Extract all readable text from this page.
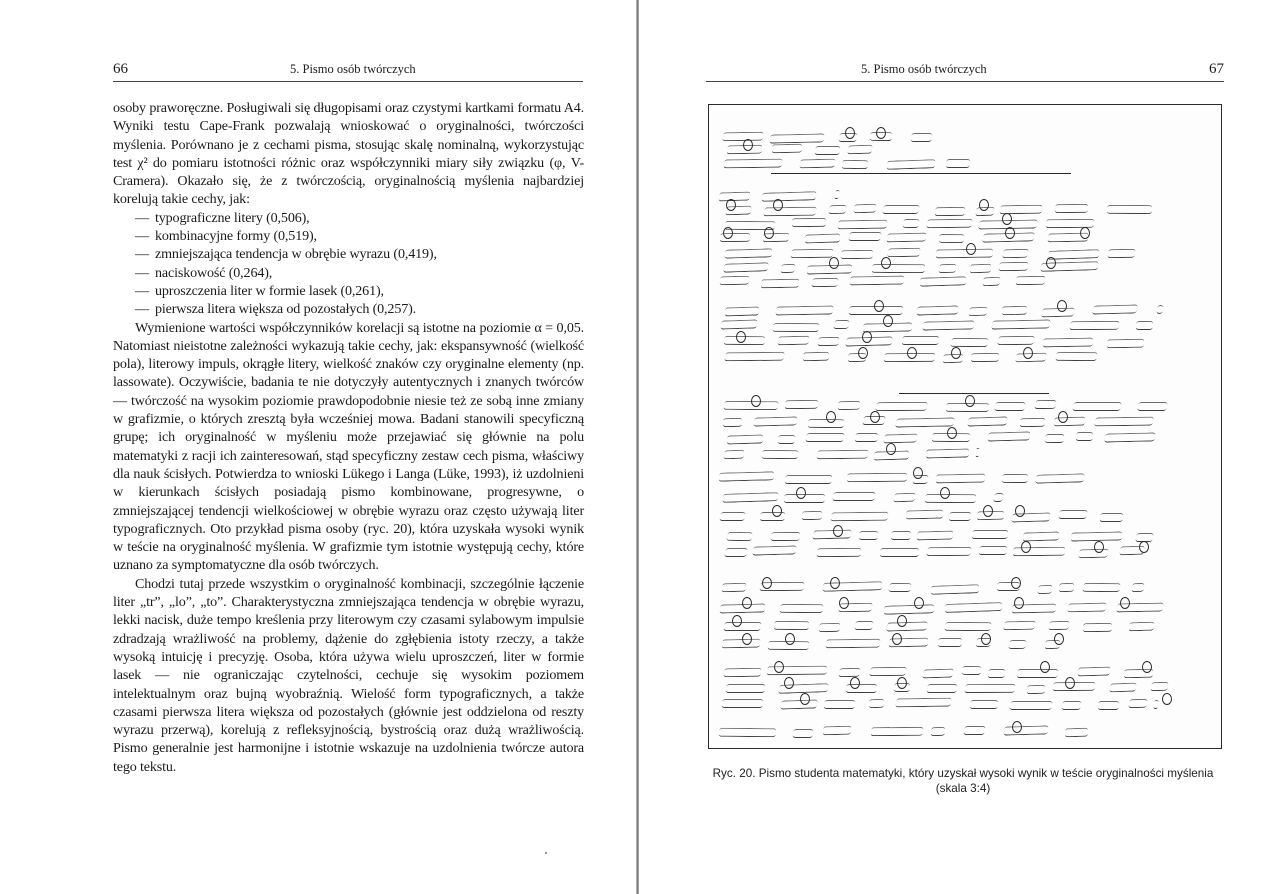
66	5. Pismo osób twórczych

osoby praworęczne. Posługiwali się długopisami oraz czystymi kartkami formatu A4. Wyniki testu Cape-Frank pozwalają wnioskować o oryginalności, twórczości myślenia. Porównano je z cechami pisma, stosując skalę nominalną, wykorzystując test χ² do pomiaru istotności różnic oraz współczynniki miary siły związku (φ, V-Cramera). Okazało się, że z twórczością, oryginalnością myślenia najbardziej korelują takie cechy, jak:

— typograficzne litery (0,506),
— kombinacyjne formy (0,519),
— zmniejszająca tendencja w obrębie wyrazu (0,419),
— naciskowość (0,264),
— uproszczenia liter w formie lasek (0,261),
— pierwsza litera większa od pozostałych (0,257).

Wymienione wartości współczynników korelacji są istotne na poziomie α = 0,05. Natomiast nieistotne zależności wykazują takie cechy, jak: ekspansywność (wielkość pola), literowy impuls, okrągłe litery, wielkość znaków czy oryginalne elementy (np. lassowate). Oczywiście, badania te nie dotyczyły autentycznych i znanych twórców — twórczość na wysokim poziomie prawdopodobnie niesie też ze sobą inne zmiany w grafizmie, o których zresztą była wcześniej mowa. Badani stanowili specyficzną grupę; ich oryginalność w myśleniu może przejawiać się głównie na polu matematyki z racji ich zainteresowań, stąd specyficzny zestaw cech pisma, właściwy dla nauk ścisłych. Potwierdza to wnioski Lükego i Langa (Lüke, 1993), iż uzdolnieni w kierunkach ścisłych posiadają pismo kombinowane, progresywne, o zmniejszającej tendencji wielkościowej w obrębie wyrazu oraz często używają liter typograficznych. Oto przykład pisma osoby (ryc. 20), która uzyskała wysoki wynik w teście na oryginalność myślenia. W grafizmie tym istotnie występują cechy, które uznano za symptomatyczne dla osób twórczych.

Chodzi tutaj przede wszystkim o oryginalność kombinacji, szczególnie łączenie liter „tr”, „lo”, „to”. Charakterystyczna zmniejszająca tendencja w obrębie wyrazu, lekki nacisk, duże tempo kreślenia przy literowym czy czasami sylabowym impulsie zdradzają wrażliwość na problemy, dążenie do zgłębienia istoty rzeczy, a także wysoką intuicję i precyzję. Osoba, która używa wielu uproszczeń, liter w formie lasek — nie ograniczając czytelności, cechuje się wysokim poziomem intelektualnym oraz bujną wyobraźnią. Wielość form typograficznych, a także czasami pierwsza litera większa od pozostałych (głównie jest oddzielona od reszty wyrazu przerwą), korelują z refleksyjnością, bystrością oraz dużą wrażliwością. Pismo generalnie jest harmonijne i istotnie wskazuje na uzdolnienia twórcze autora tego tekstu.

5. Pismo osób twórczych	67
Ryc. 20. Pismo studenta matematyki, który uzyskał wysoki wynik w teście oryginalności myślenia (skala 3:4)
